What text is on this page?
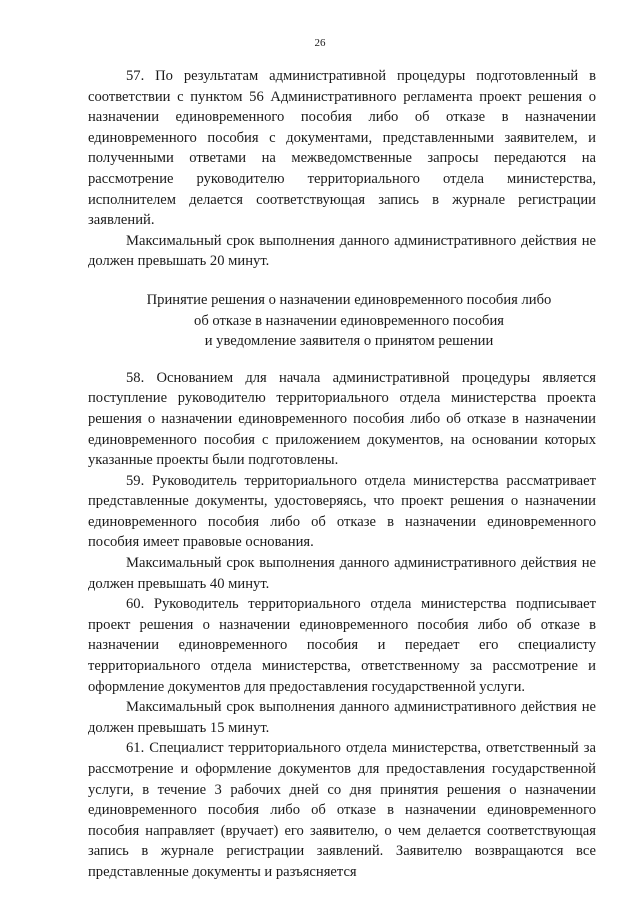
26

57. По результатам административной процедуры подготовленный в соответствии с пунктом 56 Административного регламента проект решения о назначении единовременного пособия либо об отказе в назначении единовременного пособия с документами, представленными заявителем, и полученными ответами на межведомственные запросы передаются на рассмотрение руководителю территориального отдела министерства, исполнителем делается соответствующая запись в журнале регистрации заявлений.

Максимальный срок выполнения данного административного действия не должен превышать 20 минут.

Принятие решения о назначении единовременного пособия либо
об отказе в назначении единовременного пособия
и уведомление заявителя о принятом решении

58. Основанием для начала административной процедуры является поступление руководителю территориального отдела министерства проекта решения о назначении единовременного пособия либо об отказе в назначении единовременного пособия с приложением документов, на основании которых указанные проекты были подготовлены.

59. Руководитель территориального отдела министерства рассматривает представленные документы, удостоверяясь, что проект решения о назначении единовременного пособия либо об отказе в назначении единовременного пособия имеет правовые основания.

Максимальный срок выполнения данного административного действия не должен превышать 40 минут.

60. Руководитель территориального отдела министерства подписывает проект решения о назначении единовременного пособия либо об отказе в назначении единовременного пособия и передает его специалисту территориального отдела министерства, ответственному за рассмотрение и оформление документов для предоставления государственной услуги.

Максимальный срок выполнения данного административного действия не должен превышать 15 минут.

61. Специалист территориального отдела министерства, ответственный за рассмотрение и оформление документов для предоставления государственной услуги, в течение 3 рабочих дней со дня принятия решения о назначении единовременного пособия либо об отказе в назначении единовременного пособия направляет (вручает) его заявителю, о чем делается соответствующая запись в журнале регистрации заявлений. Заявителю возвращаются все представленные документы и разъясняется
